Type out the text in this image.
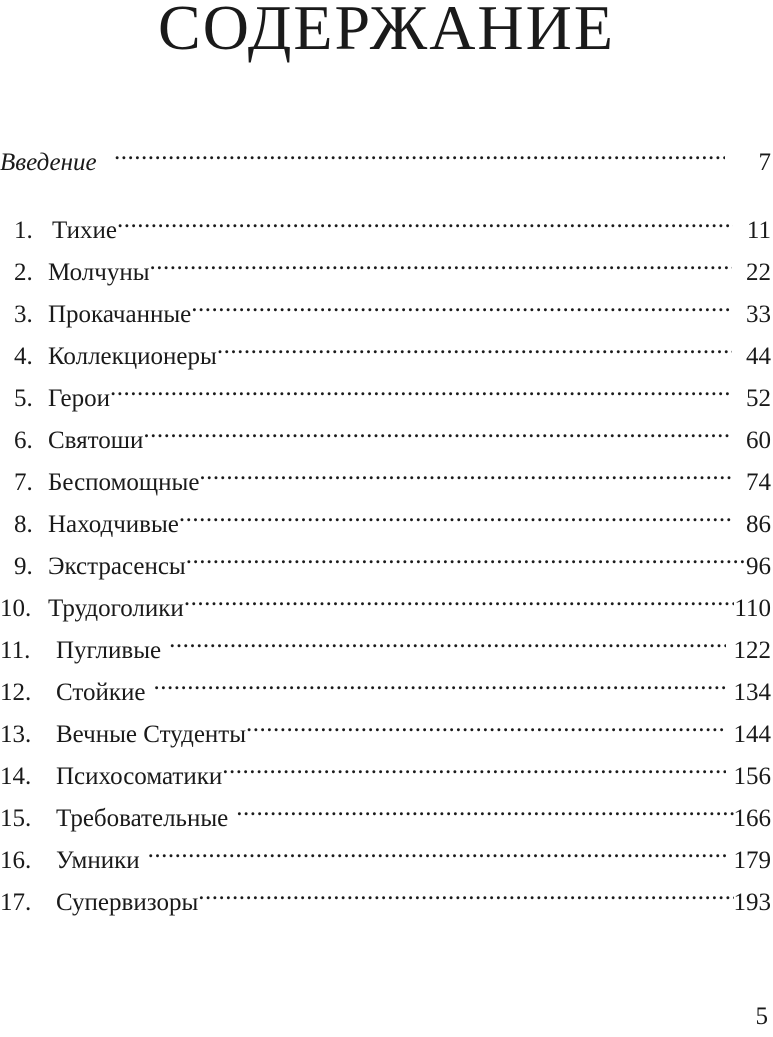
СОДЕРЖАНИЕ
Введение .....	7
1. Тихие .....	11
2. Молчуны .....	22
3. Прокачанные .....	33
4. Коллекционеры .....	44
5. Герои .....	52
6. Святоши .....	60
7. Беспомощные .....	74
8. Находчивые .....	86
9. Экстрасенсы .....	96
10. Трудоголики .....	110
11.	Пугливые .....	122
12. Стойкие .....	134
13. Вечные Студенты .....	144
14. Психосоматики .....	156
15. Требовательные .....	166
16. Умники .....	179
17. Супервизоры .....	193
5
